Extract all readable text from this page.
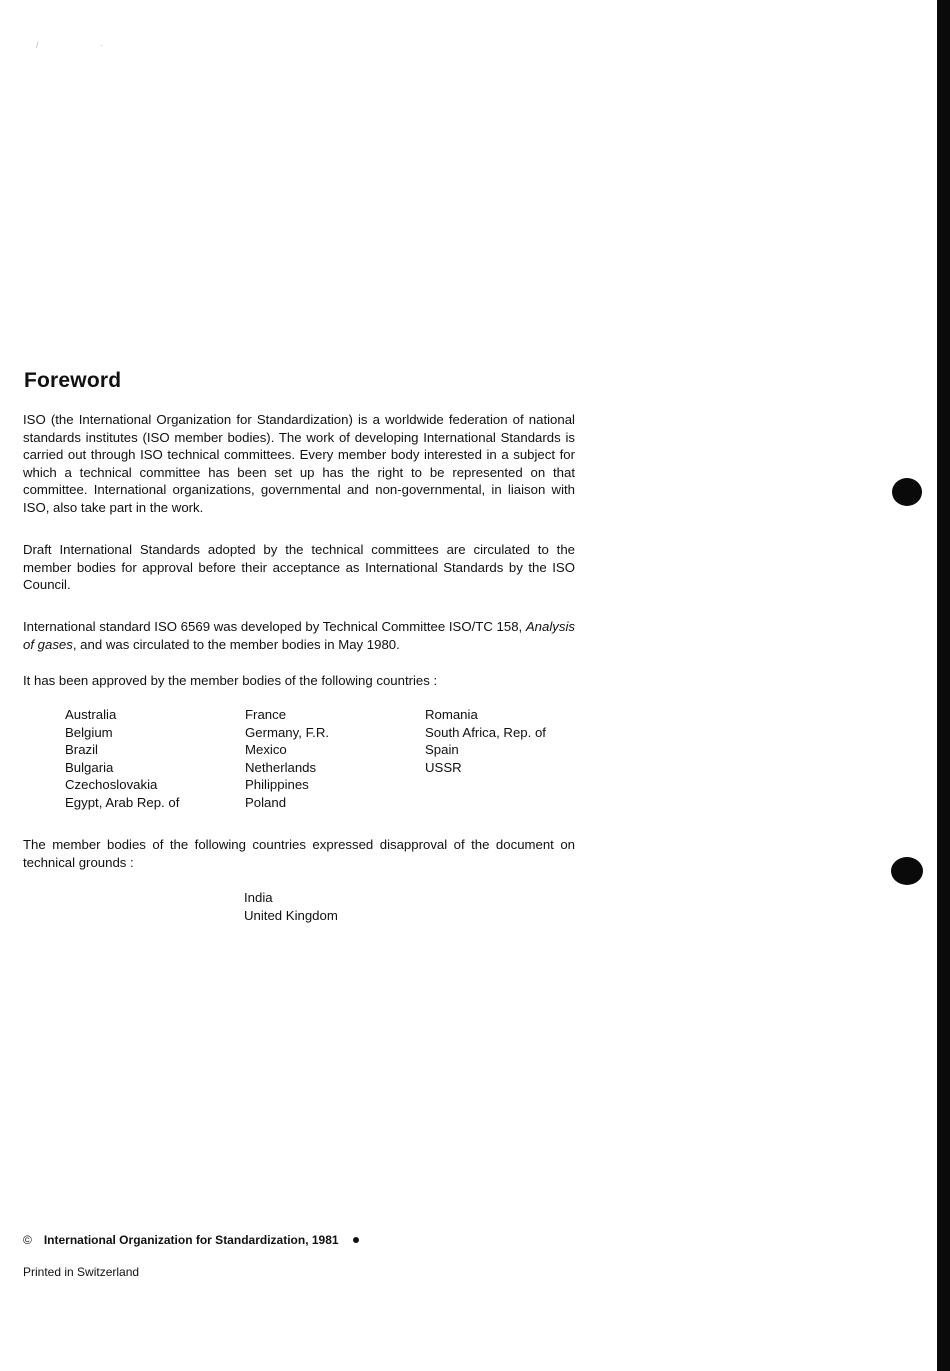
/	·
Foreword

ISO (the International Organization for Standardization) is a worldwide federation of national standards institutes (ISO member bodies). The work of developing International Standards is carried out through ISO technical committees. Every member body interested in a subject for which a technical committee has been set up has the right to be represented on that committee. International organizations, governmental and non-governmental, in liaison with ISO, also take part in the work.

Draft International Standards adopted by the technical committees are circulated to the member bodies for approval before their acceptance as International Standards by the ISO Council.

International standard ISO 6569 was developed by Technical Committee ISO/TC 158, Analysis of gases, and was circulated to the member bodies in May 1980.

It has been approved by the member bodies of the following countries :

Australia
Belgium
Brazil
Bulgaria
Czechoslovakia
Egypt, Arab Rep. of
France
Germany, F.R.
Mexico
Netherlands
Philippines
Poland
Romania
South Africa, Rep. of
Spain
USSR

The member bodies of the following countries expressed disapproval of the document on technical grounds :

India
United Kingdom
© International Organization for Standardization, 1981
Printed in Switzerland
